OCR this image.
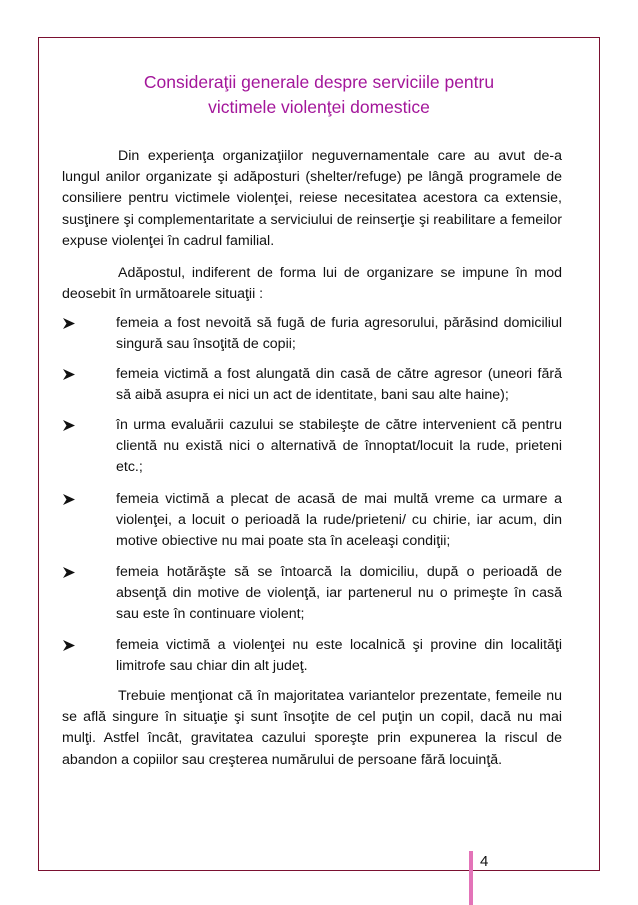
Consideraţii generale despre serviciile pentru
victimele violenţei domestice
Din experienţa organizaţiilor neguvernamentale care au avut de-a lungul anilor organizate şi adăposturi (shelter/refuge) pe lângă programele de consiliere pentru victimele violenţei, reiese necesitatea acestora ca extensie, susţinere şi complementaritate a serviciului de reinserţie şi reabilitare a femeilor expuse violenţei în cadrul familial.
Adăpostul, indiferent de forma lui de organizare se impune în mod deosebit în următoarele situaţii :
femeia a fost nevoită să fugă de furia agresorului, părăsind domiciliul singură sau însoţită de copii;
femeia victimă a fost alungată din casă de către agresor (uneori fără să aibă asupra ei nici un act de identitate, bani sau alte haine);
în urma evaluării cazului se stabileşte de către intervenient că pentru clientă nu există nici o alternativă de înnoptat/locuit la rude, prieteni etc.;
femeia victimă a plecat de acasă de mai multă vreme ca urmare a violenţei, a locuit o perioadă la rude/prieteni/ cu chirie, iar acum, din motive obiective nu mai poate sta în aceleaşi condiţii;
femeia hotărăşte să se întoarcă la domiciliu, după o perioadă de absenţă din motive de violenţă, iar partenerul nu o primeşte în casă sau este în continuare violent;
femeia victimă a violenţei nu este localnică şi provine din localităţi limitrofe sau chiar din alt judeţ.
Trebuie menţionat că în majoritatea variantelor prezentate, femeile nu se află singure în situaţie şi sunt însoţite de cel puţin un copil, dacă nu mai mulţi. Astfel încât, gravitatea cazului sporeşte prin expunerea la riscul de abandon a copiilor sau creşterea numărului de persoane fără locuinţă.
4
